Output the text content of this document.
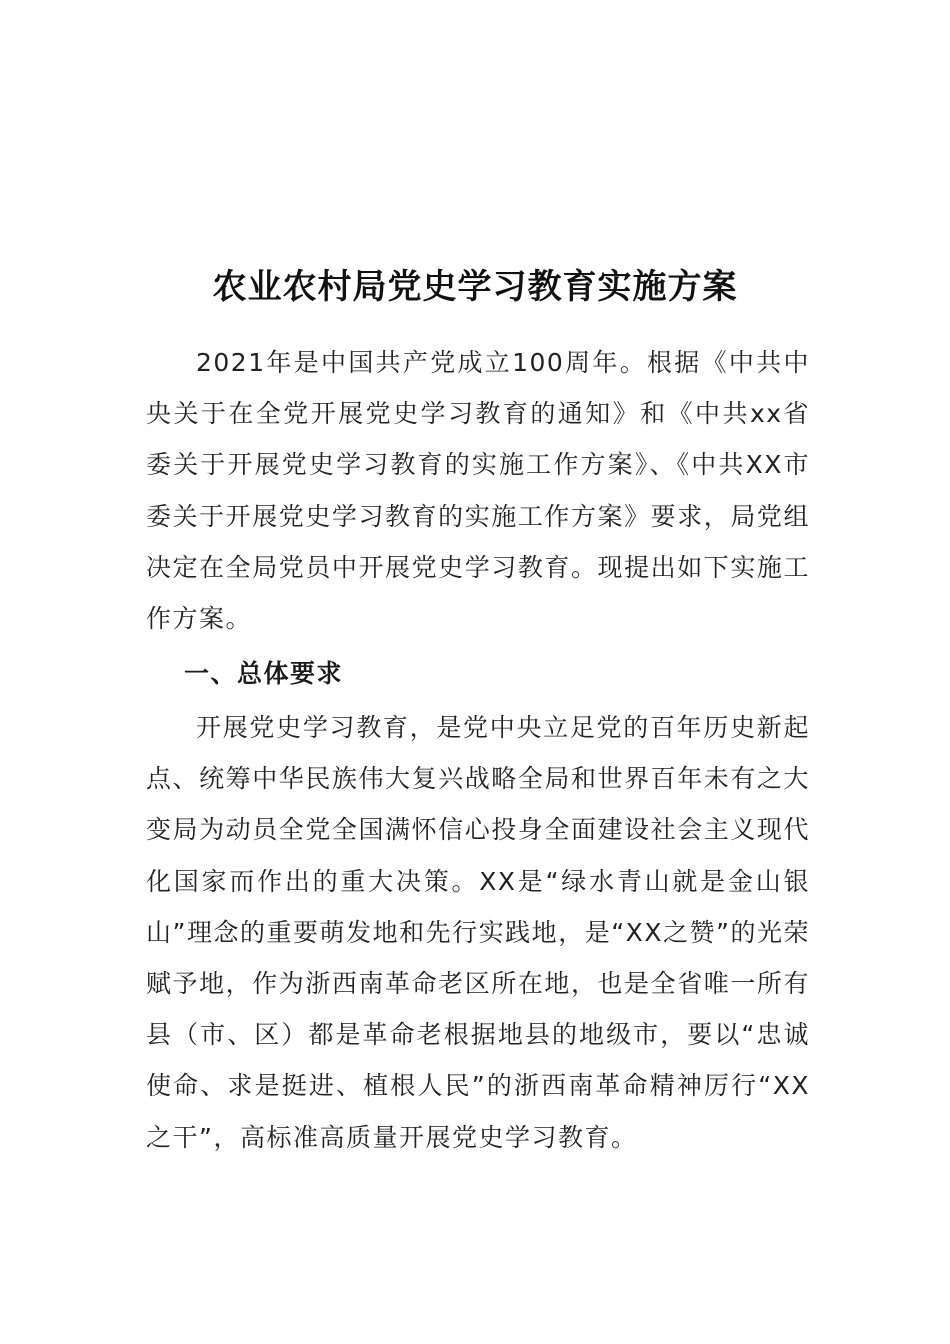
农业农村局党史学习教育实施方案

2021年是中国共产党成立100周年。根据《中共中央关于在全党开展党史学习教育的通知》和《中共xx省委关于开展党史学习教育的实施工作方案》、《中共XX市委关于开展党史学习教育的实施工作方案》要求，局党组决定在全局党员中开展党史学习教育。现提出如下实施工作方案。

一、总体要求

开展党史学习教育，是党中央立足党的百年历史新起点、统筹中华民族伟大复兴战略全局和世界百年未有之大变局为动员全党全国满怀信心投身全面建设社会主义现代化国家而作出的重大决策。XX是“绿水青山就是金山银山”理念的重要萌发地和先行实践地，是“XX之赞”的光荣赋予地，作为浙西南革命老区所在地，也是全省唯一所有县（市、区）都是革命老根据地县的地级市，要以“忠诚使命、求是挺进、植根人民”的浙西南革命精神厉行“XX之干”，高标准高质量开展党史学习教育。
